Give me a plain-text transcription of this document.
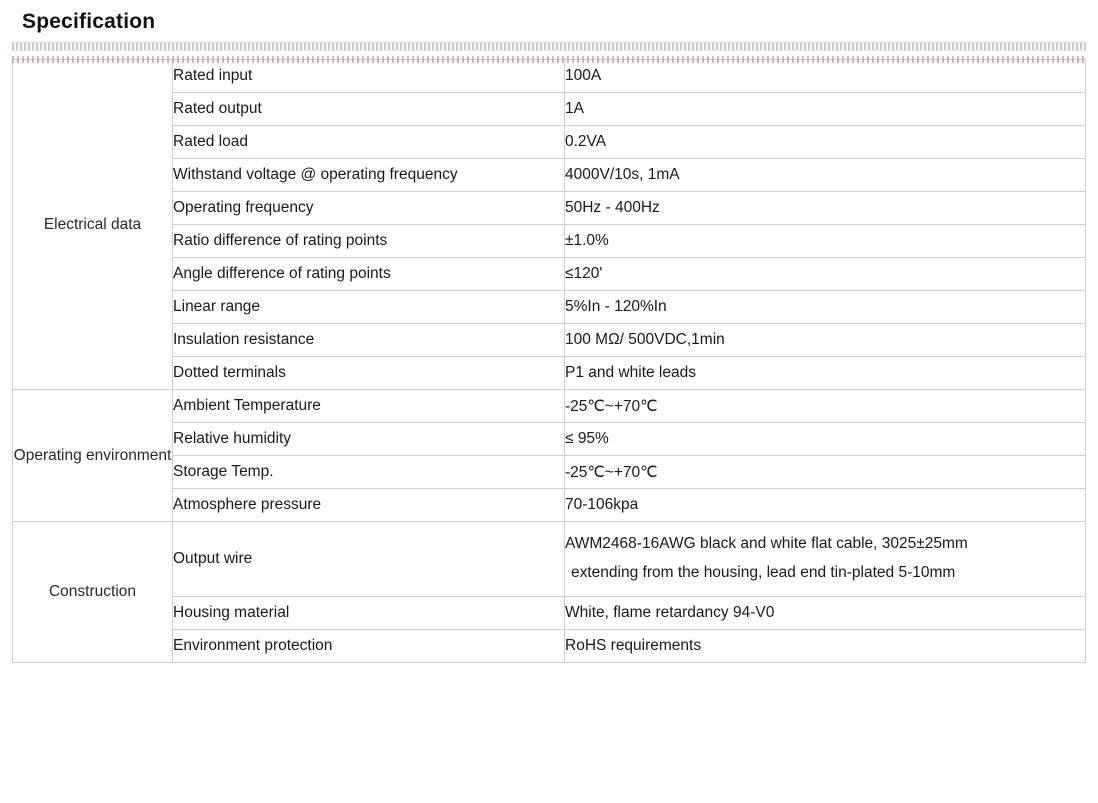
Specification
Electrical data	Rated input	100A
	Rated output	1A
	Rated load	0.2VA
	Withstand voltage @ operating frequency	4000V/10s, 1mA
	Operating frequency	50Hz - 400Hz
	Ratio difference of rating points	±1.0%
	Angle difference of rating points	≤120'
	Linear range	5%In - 120%In
	Insulation resistance	100 MΩ/ 500VDC,1min
	Dotted terminals	P1 and white leads
Operating environment	Ambient Temperature	-25℃~+70℃
	Relative humidity	≤ 95%
	Storage Temp.	-25℃~+70℃
	Atmosphere pressure	70-106kpa
Construction	Output wire	AWM2468-16AWG black and white flat cable, 3025±25mm
extending from the housing, lead end tin-plated 5-10mm

	Housing material	White, flame retardancy 94-V0
	Environment protection	RoHS requirements
